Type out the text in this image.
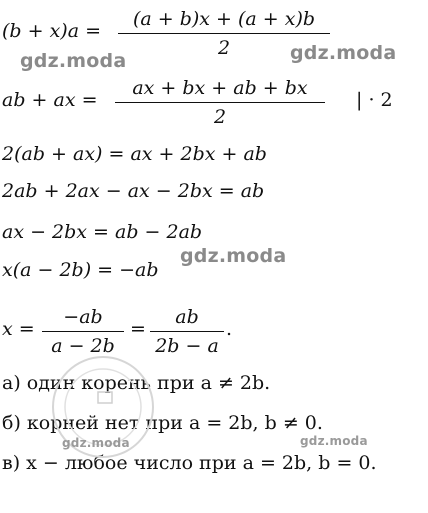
(b + x)a =
(a + b)x + (a + x)b
2
ab + ax =
ax + bx + ab + bx
2
| · 2
2(ab + ax) = ax + 2bx + ab
2ab + 2ax − ax − 2bx = ab
ax − 2bx = ab − 2ab
x(a − 2b) = −ab
x =
−ab
a − 2b
=
ab
2b − a
.
а) один корень при a ≠ 2b.
б) корней нет при a = 2b, b ≠ 0.
в) x − любое число при a = 2b, b = 0.
gdz.moda	gdz.moda
gdz.moda
gdz.moda	gdz.moda
